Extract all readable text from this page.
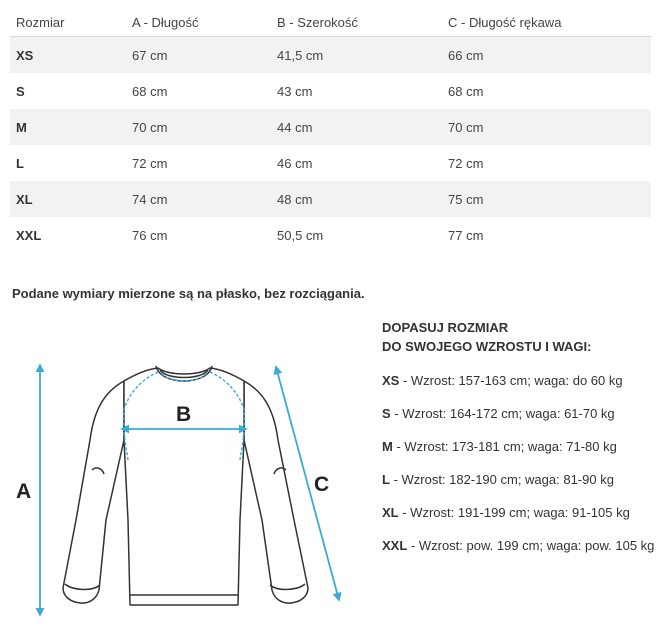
Rozmiar	A - Długość	B - Szerokość	C - Długość rękawa
XS	67 cm	41,5 cm	66 cm
S	68 cm	43 cm	68 cm
M	70 cm	44 cm	70 cm
L	72 cm	46 cm	72 cm
XL	74 cm	48 cm	75 cm
XXL	76 cm	50,5 cm	77 cm
Podane wymiary mierzone są na płasko, bez rozciągania.
A
B
C
DOPASUJ ROZMIAR
DO SWOJEGO WZROSTU I WAGI:
XS - Wzrost: 157-163 cm; waga: do 60 kg
S - Wzrost: 164-172 cm; waga: 61-70 kg
M - Wzrost: 173-181 cm; waga: 71-80 kg
L - Wzrost: 182-190 cm; waga: 81-90 kg
XL - Wzrost: 191-199 cm; waga: 91-105 kg
XXL - Wzrost: pow. 199 cm; waga: pow. 105 kg
